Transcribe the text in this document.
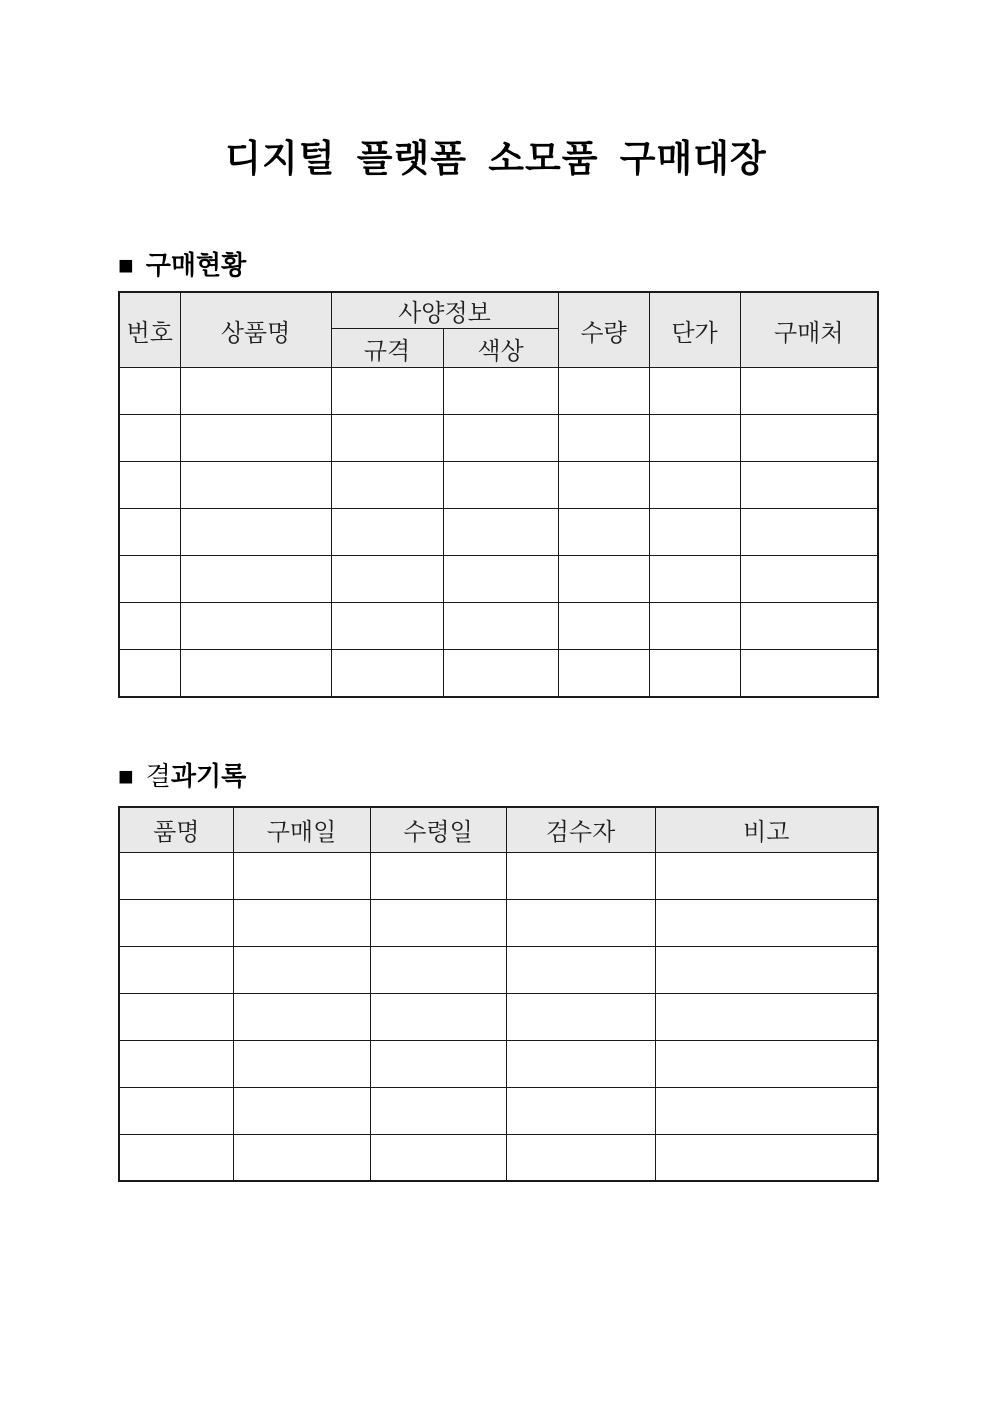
디지털 플랫폼 소모품 구매대장
■ 구매현황
번호	상품명	사양정보		수량	단가	구매처
		규격	색상			

■ 결과기록
품명	구매일	수령일	검수자	비고
